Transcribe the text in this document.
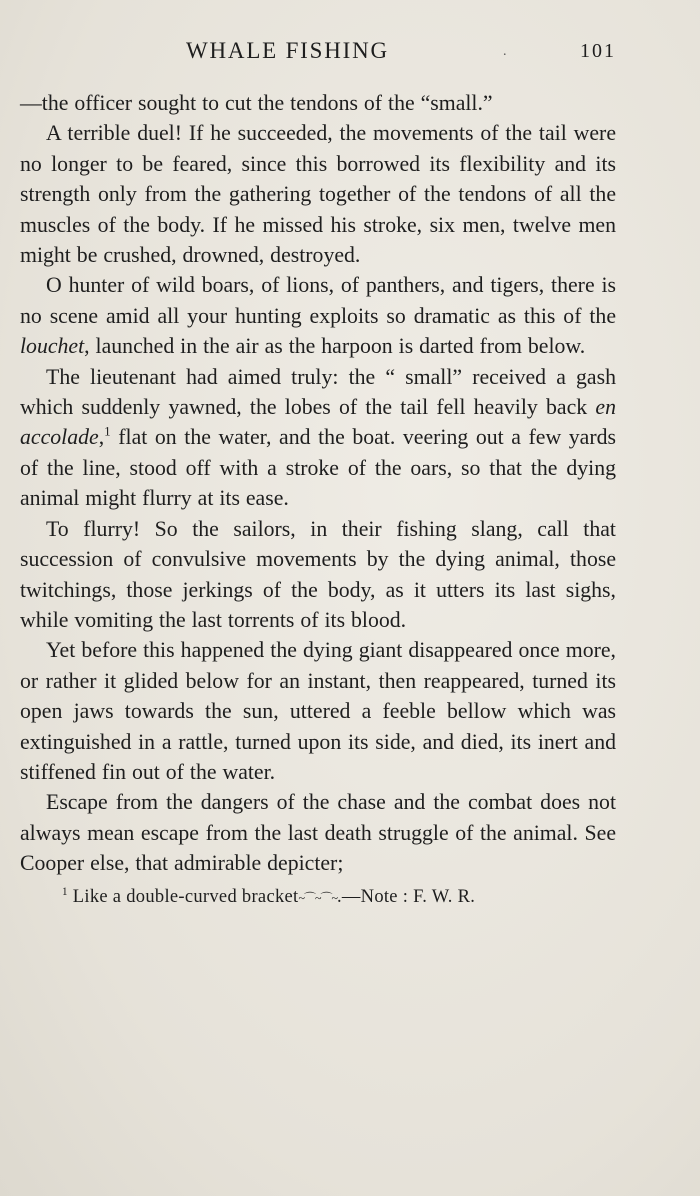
WHALE FISHING	.	101

—the officer sought to cut the tendons of the “small.”

A terrible duel! If he succeeded, the movements of the tail were no longer to be feared, since this borrowed its flexibility and its strength only from the gathering together of the tendons of all the muscles of the body. If he missed his stroke, six men, twelve men might be crushed, drowned, destroyed.

O hunter of wild boars, of lions, of panthers, and tigers, there is no scene amid all your hunting exploits so dramatic as this of the louchet, launched in the air as the harpoon is darted from below.

The lieutenant had aimed truly: the “ small” received a gash which suddenly yawned, the lobes of the tail fell heavily back en accolade,$^1$ flat on the water, and the boat. veering out a few yards of the line, stood off with a stroke of the oars, so that the dying animal might flurry at its ease.

To flurry! So the sailors, in their fishing slang, call that succession of convulsive movements by the dying animal, those twitchings, those jerkings of the body, as it utters its last sighs, while vomiting the last torrents of its blood.

Yet before this happened the dying giant disappeared once more, or rather it glided below for an instant, then reappeared, turned its open jaws towards the sun, uttered a feeble bellow which was extinguished in a rattle, turned upon its side, and died, its inert and stiffened fin out of the water.

Escape from the dangers of the chase and the combat does not always mean escape from the last death struggle of the animal. See Cooper else, that admirable depicter;

$^1$ Like a double-curved bracket~⌒~⌒~.—Note : F. W. R.
